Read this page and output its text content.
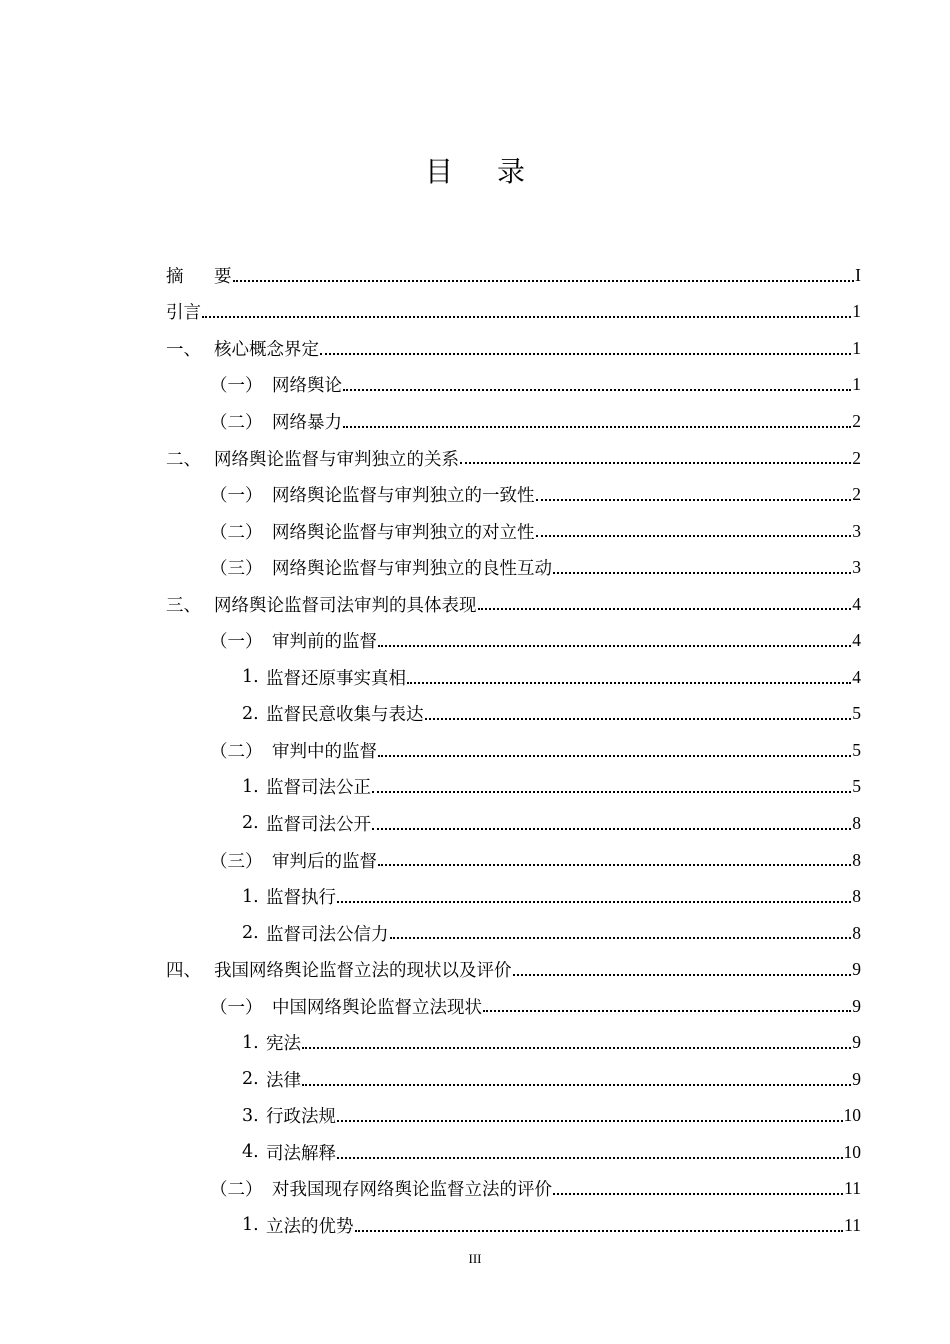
目 录
摘	要	I
引言	1
一、 核心概念界定	1
（一） 网络舆论	1
（二） 网络暴力	2
二、 网络舆论监督与审判独立的关系	2
（一） 网络舆论监督与审判独立的一致性	2
（二） 网络舆论监督与审判独立的对立性	3
（三） 网络舆论监督与审判独立的良性互动	3
三、 网络舆论监督司法审判的具体表现	4
（一） 审判前的监督	4
1. 监督还原事实真相	4
2. 监督民意收集与表达	5
（二） 审判中的监督	5
1. 监督司法公正	5
2. 监督司法公开	8
（三） 审判后的监督	8
1. 监督执行	8
2. 监督司法公信力	8
四、 我国网络舆论监督立法的现状以及评价	9
（一） 中国网络舆论监督立法现状	9
1. 宪法	9
2. 法律	9
3. 行政法规	10
4. 司法解释	10
（二） 对我国现存网络舆论监督立法的评价	11
1. 立法的优势	11
III
